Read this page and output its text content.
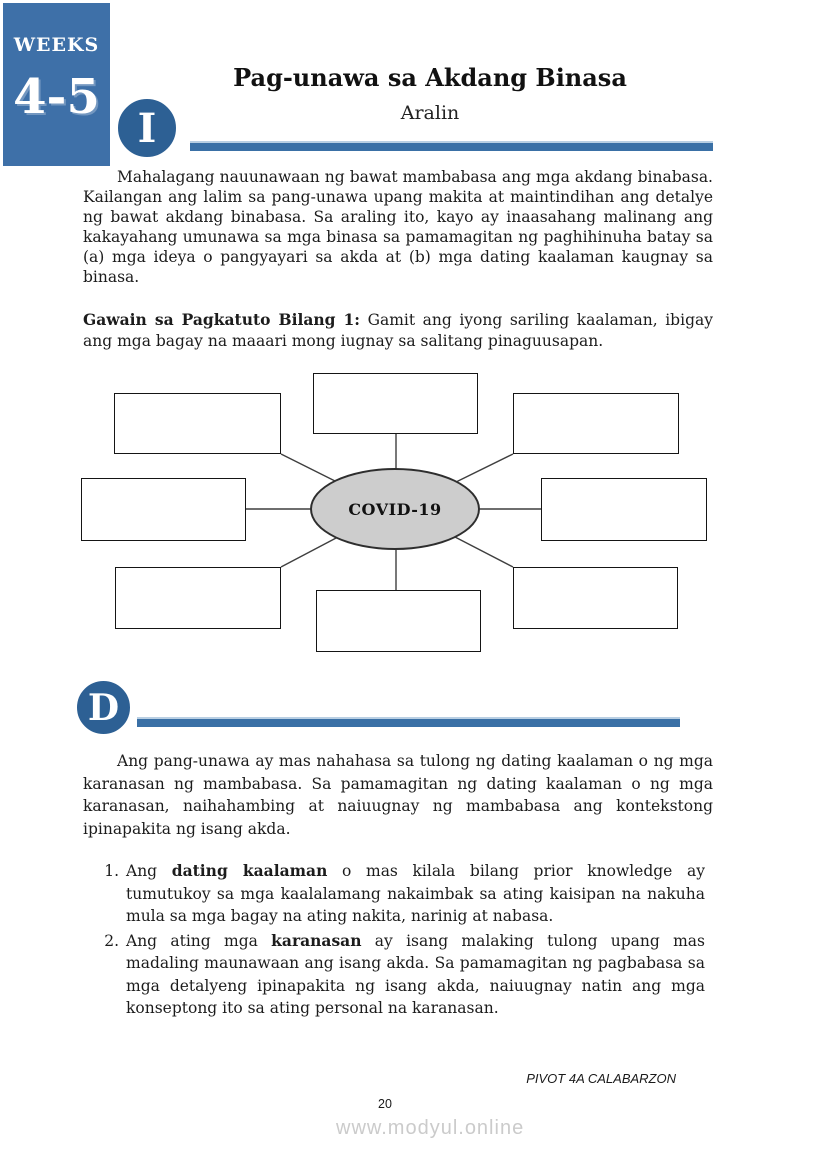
WEEKS
4-5	Pag-unawa sa Akdang Binasa
Aralin
I

Mahalagang nauunawaan ng bawat mambabasa ang mga akdang binabasa. Kailangan ang lalim sa pang-unawa upang makita at maintindihan ang detalye ng bawat akdang binabasa. Sa araling ito, kayo ay inaasahang malinang ang kakayahang umunawa sa mga binasa sa pamamagitan ng paghihinuha batay sa (a) mga ideya o pangyayari sa akda at (b) mga dating kaalaman kaugnay sa binasa.

Gawain sa Pagkatuto Bilang 1: Gamit ang iyong sariling kaalaman, ibigay ang mga bagay na maaari mong iugnay sa salitang pinaguusapan.

COVID-19
D

Ang pang-unawa ay mas nahahasa sa tulong ng dating kaalaman o ng mga karanasan ng mambabasa. Sa pamamagitan ng dating kaalaman o ng mga karanasan, naihahambing at naiuugnay ng mambabasa ang kontekstong ipinapakita ng isang akda.

1. Ang dating kaalaman o mas kilala bilang prior knowledge ay tumutukoy sa mga kaalalamang nakaimbak sa ating kaisipan na nakuha mula sa mga bagay na ating nakita, narinig at nabasa.
2. Ang ating mga karanasan ay isang malaking tulong upang mas madaling maunawaan ang isang akda. Sa pamamagitan ng pagbabasa sa mga detalyeng ipinapakita ng isang akda, naiuugnay natin ang mga konseptong ito sa ating personal na karanasan.
PIVOT 4A CALABARZON
20
www.modyul.online
